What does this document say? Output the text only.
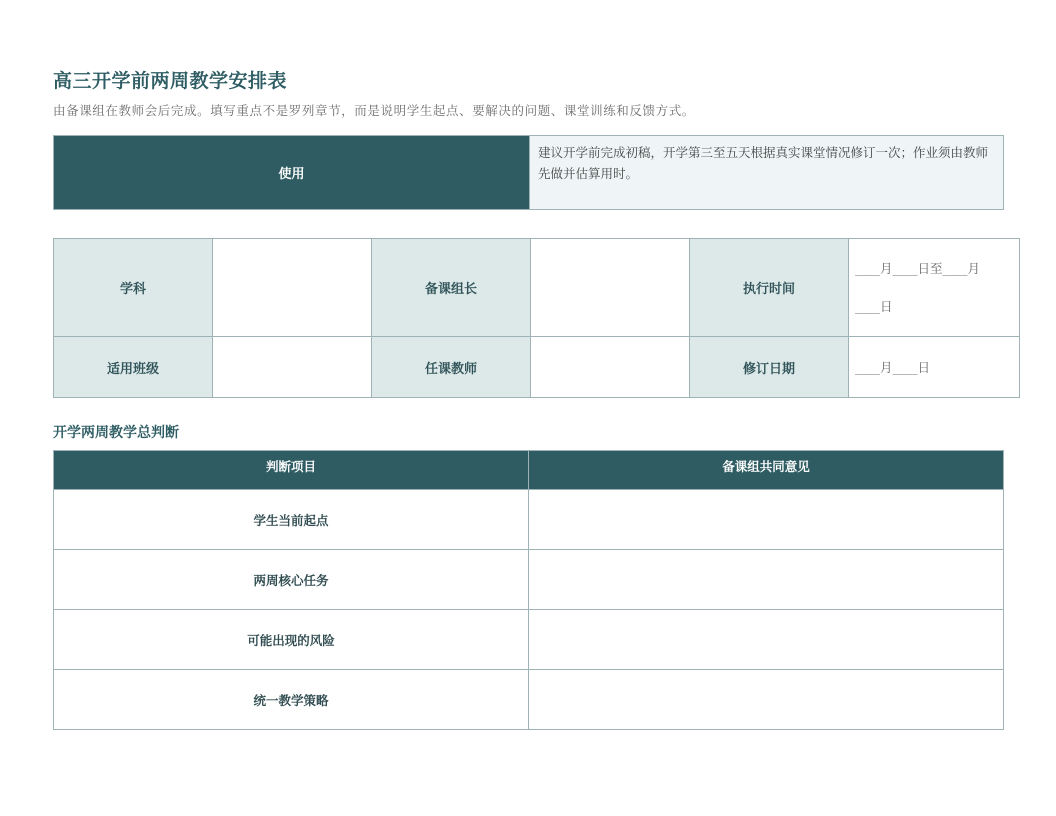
高三开学前两周教学安排表
由备课组在教师会后完成。填写重点不是罗列章节，而是说明学生起点、要解决的问题、课堂训练和反馈方式。
使用	建议开学前完成初稿，开学第三至五天根据真实课堂情况修订一次；作业须由教师先做并估算用时。
学科		备课组长		执行时间	____月____日至____月
____日

适用班级		任课教师		修订日期	____月____日
开学两周教学总判断
判断项目	备课组共同意见
学生当前起点	
两周核心任务	
可能出现的风险	
统一教学策略	
